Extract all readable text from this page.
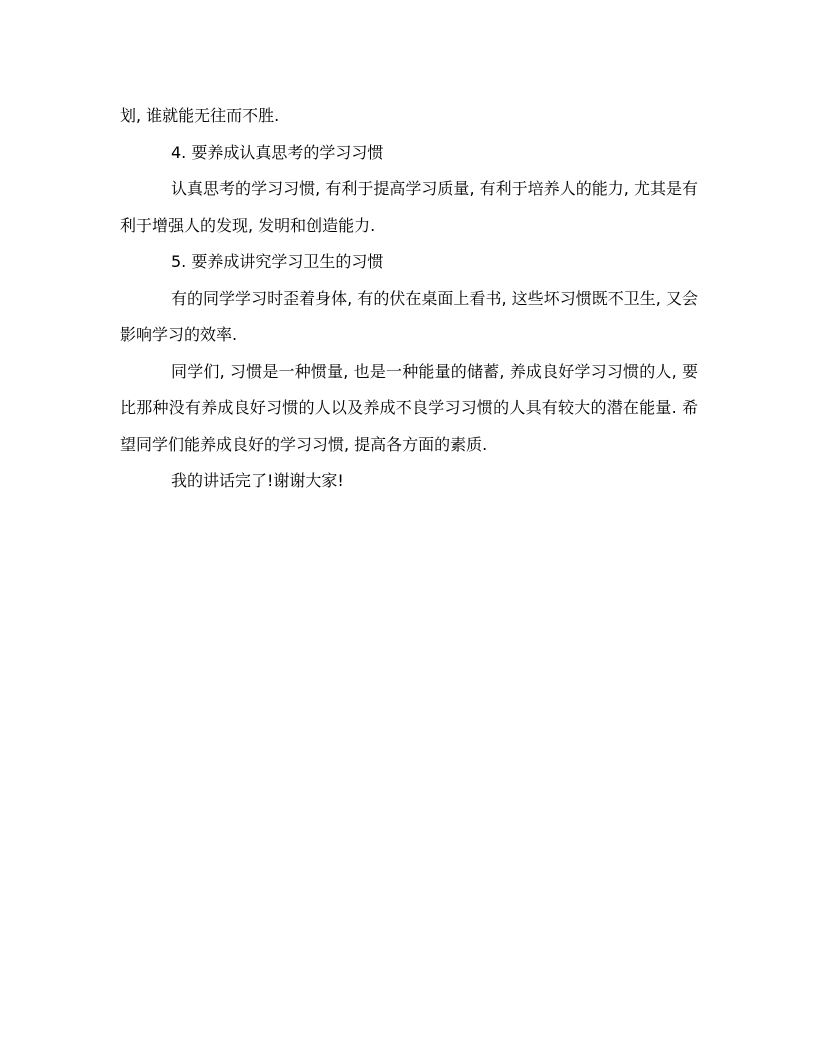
划, 谁就能无往而不胜.

4. 要养成认真思考的学习习惯

认真思考的学习习惯, 有利于提高学习质量, 有利于培养人的能力, 尤其是有利于增强人的发现, 发明和创造能力.

5. 要养成讲究学习卫生的习惯

有的同学学习时歪着身体, 有的伏在桌面上看书, 这些坏习惯既不卫生, 又会影响学习的效率.

同学们, 习惯是一种惯量, 也是一种能量的储蓄, 养成良好学习习惯的人, 要比那种没有养成良好习惯的人以及养成不良学习习惯的人具有较大的潜在能量. 希望同学们能养成良好的学习习惯, 提高各方面的素质.

我的讲话完了!谢谢大家!
